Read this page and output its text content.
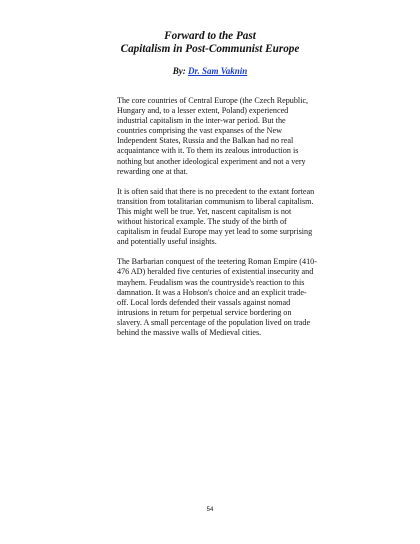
Forward to the Past
Capitalism in Post-Communist Europe
By: Dr. Sam Vaknin

The core countries of Central Europe (the Czech Republic, Hungary and, to a lesser extent, Poland) experienced industrial capitalism in the inter-war period. But the countries comprising the vast expanses of the New Independent States, Russia and the Balkan had no real acquaintance with it. To them its zealous introduction is nothing but another ideological experiment and not a very rewarding one at that.

It is often said that there is no precedent to the extant fortean transition from totalitarian communism to liberal capitalism. This might well be true. Yet, nascent capitalism is not without historical example. The study of the birth of capitalism in feudal Europe may yet lead to some surprising and potentially useful insights.

The Barbarian conquest of the teetering Roman Empire (410-476 AD) heralded five centuries of existential insecurity and mayhem. Feudalism was the countryside's reaction to this damnation. It was a Hobson's choice and an explicit trade-off. Local lords defended their vassals against nomad intrusions in return for perpetual service bordering on slavery. A small percentage of the population lived on trade behind the massive walls of Medieval cities.

54
